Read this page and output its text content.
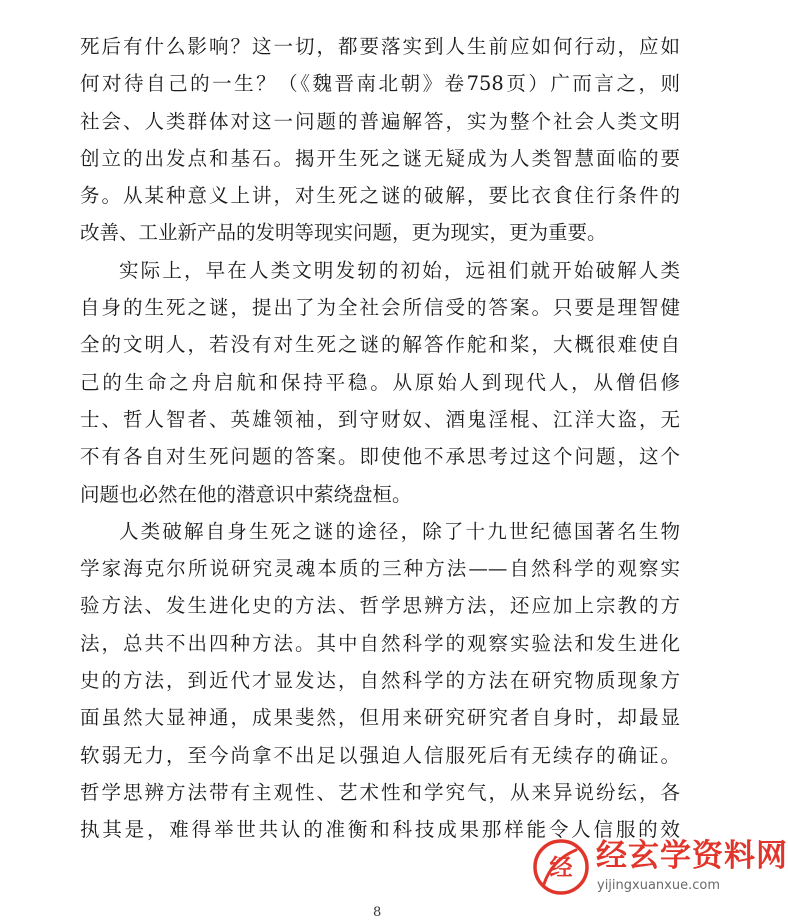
死后有什么影响？这一切，都要落实到人生前应如何行动，应如
何对待自己的一生？（《魏晋南北朝》卷758页）广而言之，则
社会、人类群体对这一问题的普遍解答，实为整个社会人类文明
创立的出发点和基石。揭开生死之谜无疑成为人类智慧面临的要
务。从某种意义上讲，对生死之谜的破解，要比衣食住行条件的
改善、工业新产品的发明等现实问题，更为现实，更为重要。
实际上，早在人类文明发轫的初始，远祖们就开始破解人类
自身的生死之谜，提出了为全社会所信受的答案。只要是理智健
全的文明人，若没有对生死之谜的解答作舵和桨，大概很难使自
己的生命之舟启航和保持平稳。从原始人到现代人，从僧侣修
士、哲人智者、英雄领袖，到守财奴、酒鬼淫棍、江洋大盗，无
不有各自对生死问题的答案。即使他不承思考过这个问题，这个
问题也必然在他的潜意识中萦绕盘桓。
人类破解自身生死之谜的途径，除了十九世纪德国著名生物
学家海克尔所说研究灵魂本质的三种方法——自然科学的观察实
验方法、发生进化史的方法、哲学思辨方法，还应加上宗教的方
法，总共不出四种方法。其中自然科学的观察实验法和发生进化
史的方法，到近代才显发达，自然科学的方法在研究物质现象方
面虽然大显神通，成果斐然，但用来研究研究者自身时，却最显
软弱无力，至今尚拿不出足以强迫人信服死后有无续存的确证。
哲学思辨方法带有主观性、艺术性和学究气，从来异说纷纭，各
执其是，难得举世共认的准衡和科技成果那样能令人信服的效
8
经 经玄学资料网
yijingxuanxue.com
